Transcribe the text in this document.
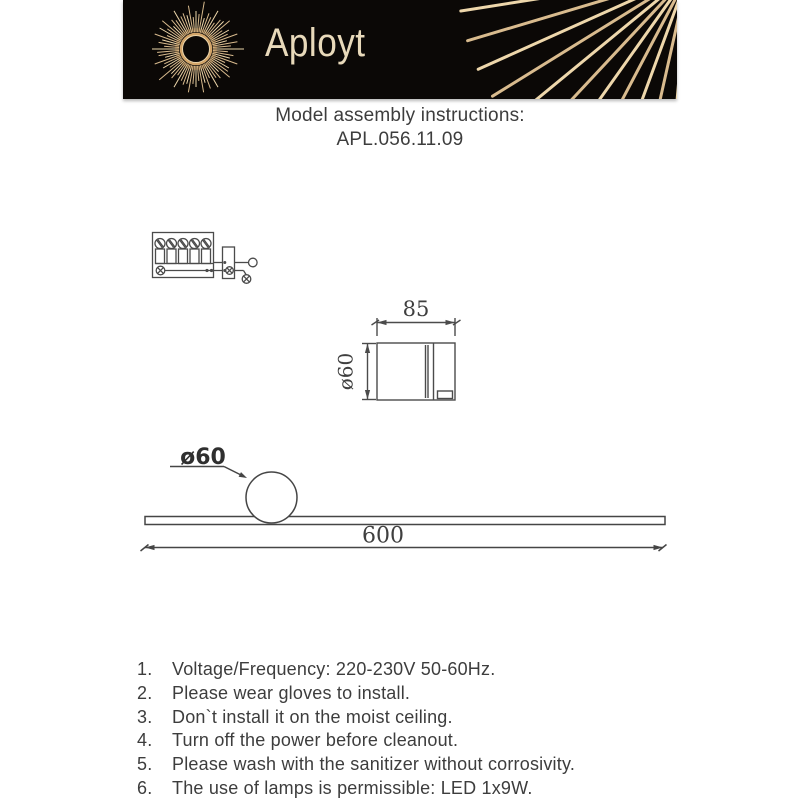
Aployt
Model assembly instructions:
APL.056.11.09
85
ø60
ø60
600
1.	Voltage/Frequency: 220-230V 50-60Hz.
2.	Please wear gloves to install.
3.	Don`t install it on the moist ceiling.
4.	Turn off the power before cleanout.
5.	Please wash with the sanitizer without corrosivity.
6.	The use of lamps is permissible: LED 1x9W.
